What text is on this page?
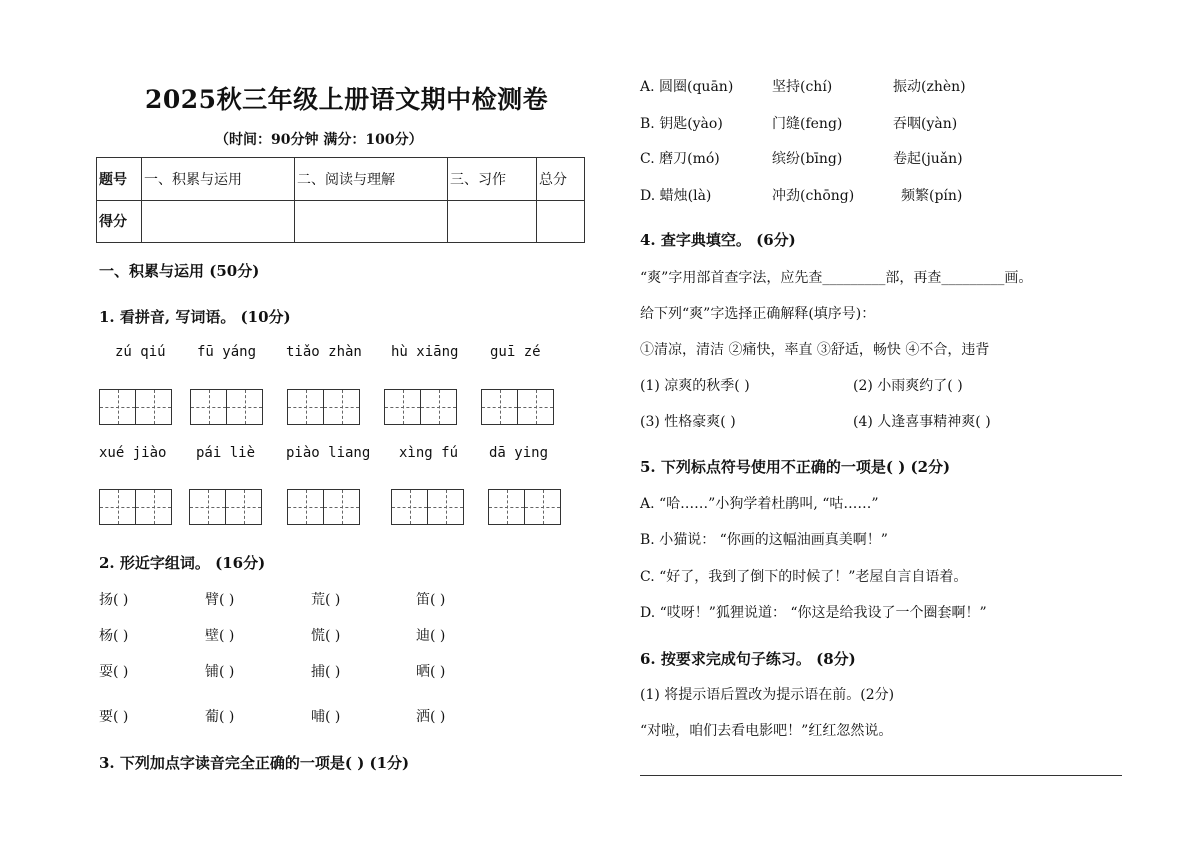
2025秋三年级上册语文期中检测卷
（时间：90分钟 满分：100分）
题号	一、积累与运用	二、阅读与理解	三、习作	总分
得分				
一、积累与运用 (50分)
1. 看拼音, 写词语。 (10分)
zú qiú fū yáng tiǎo zhàn hù xiāng guī zé
xué jiào pái liè piào liang xìng fú dā ying
2. 形近字组词。 (16分)
扬( )	臂( )	荒( )	笛( )
杨( )	壁( )	慌( )	迪( )
耍( )	铺( )	捕( )	晒( )
要( )	葡( )	哺( )	洒( )
3. 下列加点字读音完全正确的一项是( ) (1分)
A. 圆圈(quān)	坚持(chí)	振动(zhèn)
B. 钥匙(yào)	门缝(feng)	吞咽(yàn)
C. 磨刀(mó)	缤纷(bīng)	卷起(juǎn)
D. 蜡烛(là)	冲劲(chōng)	频繁(pín)
4. 查字典填空。 (6分)
“爽”字用部首查字法，应先查_________部，再查_________画。
给下列“爽”字选择正确解释(填序号)：
①清凉，清洁 ②痛快，率直 ③舒适，畅快 ④不合，违背
(1) 凉爽的秋季( )	(2) 小雨爽约了( )
(3) 性格豪爽( )	(4) 人逢喜事精神爽( )
5. 下列标点符号使用不正确的一项是( ) (2分)
A. “哈……”小狗学着杜鹃叫, “咕……”
B. 小猫说： “你画的这幅油画真美啊！”
C. “好了，我到了倒下的时候了！”老屋自言自语着。
D. “哎呀！”狐狸说道： “你这是给我设了一个圈套啊！”
6. 按要求完成句子练习。 (8分)
(1) 将提示语后置改为提示语在前。(2分)
“对啦，咱们去看电影吧！”红红忽然说。
